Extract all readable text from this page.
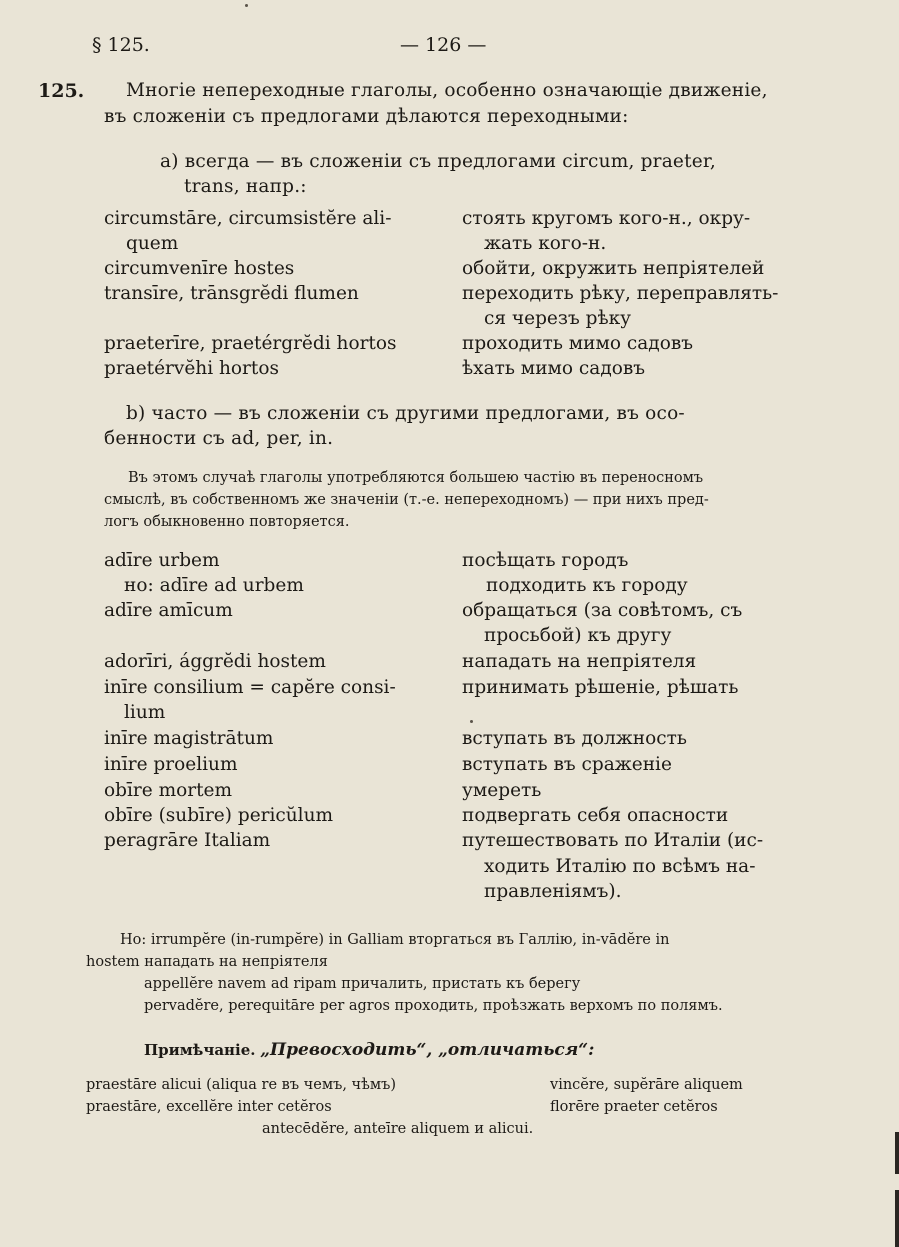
§ 125.	— 126 —
125. Многіе непереходные глаголы, особенно означающіе движеніе,
въ сложеніи съ предлогами дѣлаются переходными:
а) всегда — въ сложеніи съ предлогами circum, praeter,
trans, напр.:
circumstāre, circumsistĕre ali-	стоять кругомъ кого-н., окру-
quem	жать кого-н.
circumvenīre hostes	обойти, окружить непріятелей
transīre, trānsgrĕdi flumen	переходить рѣку, переправлять-
ся черезъ рѣку
praeterīre, praetérgrĕdi hortos	проходить мимо садовъ
praetérvĕhi hortos	ѣхать мимо садовъ
b) часто — въ сложеніи съ другими предлогами, въ осо-
бенности съ ad, per, in.
Въ этомъ случаѣ глаголы употребляются большею частію въ переносномъ
смыслѣ, въ собственномъ же значеніи (т.-е. непереходномъ) — при нихъ пред-
логъ обыкновенно повторяется.
adīre urbem	посѣщать городъ
но: adīre ad urbem	подходить къ городу
adīre amīcum	обращаться (за совѣтомъ, съ
просьбой) къ другу
adorīri, ággrĕdi hostem	нападать на непріятеля
inīre consilium = capĕre consi-	принимать рѣшеніе, рѣшать
lium
inīre magistrātum	вступать въ должность
inīre proelium	вступать въ сраженіе
obīre mortem	умереть
obīre (subīre) pericŭlum	подвергать себя опасности
peragrāre Italiam	путешествовать по Италіи (ис-
ходить Италію по всѣмъ на-
правленіямъ).
Но: irrumpĕre (in-rumpĕre) in Galliam вторгаться въ Галлію, in-vādĕre in
hostem нападать на непріятеля
appellĕre navem ad ripam причалить, пристать къ берегу
pervadĕre, perequitāre per agros проходить, проѣзжать верхомъ по полямъ.
Примѣчаніе. „Превосходить“, „отличаться“:
praestāre alicui (aliqua re въ чемъ, чѣмъ)	vincĕre, supĕrāre aliquem
praestāre, excellĕre inter cetĕros	florēre praeter cetĕros
antecēdĕre, anteīre aliquem и alicui.
